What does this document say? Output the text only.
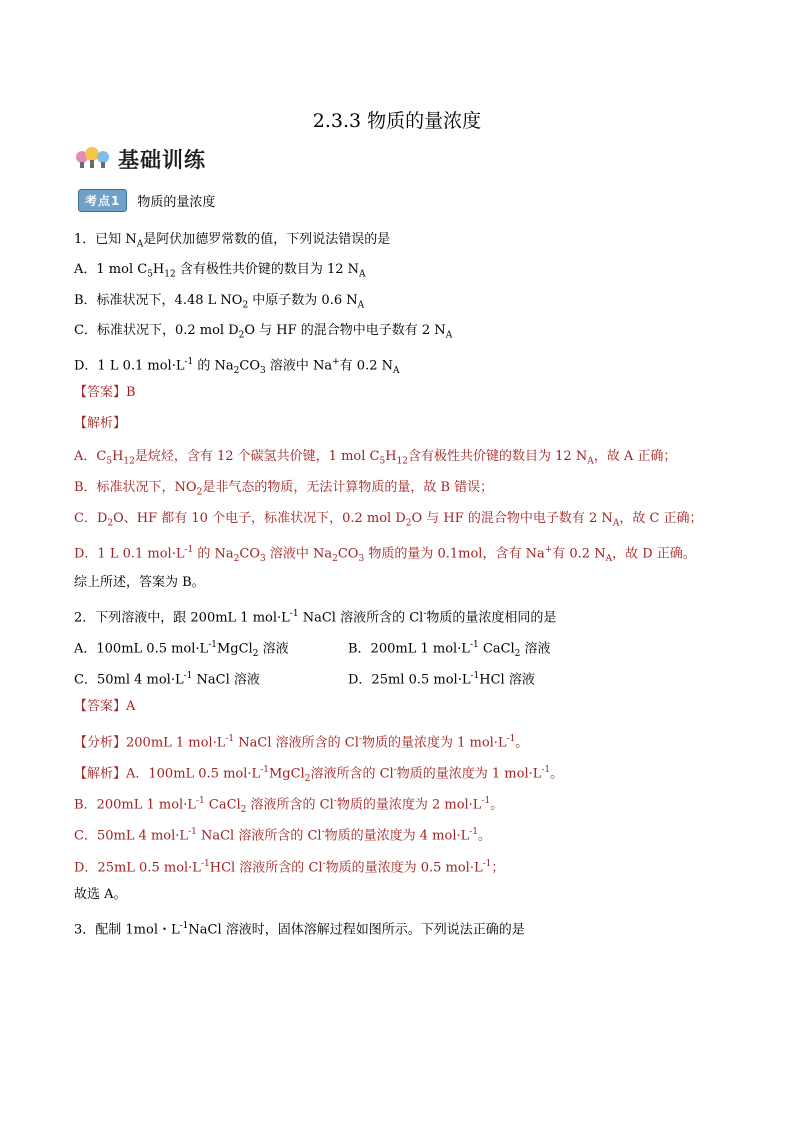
2.3.3 物质的量浓度
基础训练
考点1	物质的量浓度
1．已知 $N_A$是阿伏加德罗常数的值，下列说法错误的是
A．1 mol $C_5H_{12}$ 含有极性共价键的数目为 12 $N_A$
B．标准状况下，4.48 L $NO_2$ 中原子数为 0.6 $N_A$
C．标准状况下，0.2 mol $D_2O$ 与 HF 的混合物中电子数有 2 $N_A$
D．1 L 0.1 $mol\cdot L^{-1}$ 的 $Na_2CO_3$ 溶液中 Na+有 0.2 $N_A$
【答案】B
【解析】
A．$C_5H_{12}$是烷烃，含有 12 个碳氢共价键，1 mol $C_5H_{12}$含有极性共价键的数目为 12 $N_A$，故 A 正确；
B．标准状况下，$NO_2$是非气态的物质，无法计算物质的量，故 B 错误；
C．$D_2O$、HF 都有 10 个电子，标准状况下，0.2 mol $D_2O$ 与 HF 的混合物中电子数有 2 $N_A$，故 C 正确；
D．1 L 0.1 $mol\cdot L^{-1}$ 的 $Na_2CO_3$ 溶液中 $Na_2CO_3$ 物质的量为 0.1mol，含有 Na+有 0.2 $N_A$，故 D 正确。
综上所述，答案为 B。
2．下列溶液中，跟 200mL 1 $mol\cdot L^{-1}$ NaCl 溶液所含的 Cl-物质的量浓度相同的是
A．100mL 0.5 $mol\cdot L^{-1}MgCl_2$ 溶液	B．200mL 1 $mol\cdot L^{-1}$ CaCl$_2$ 溶液
C．50ml 4 $mol\cdot L^{-1}$ NaCl 溶液	D．25ml 0.5 $mol\cdot L^{-1}HCl$ 溶液
【答案】A
【分析】200mL 1 $mol\cdot L^{-1}$ NaCl 溶液所含的 Cl-物质的量浓度为 1 $mol\cdot L^{-1}$。
【解析】A．100mL 0.5 $mol\cdot L^{-1}MgCl_2$溶液所含的 Cl-物质的量浓度为 1 $mol\cdot L^{-1}$。
B．200mL 1 $mol\cdot L^{-1}$ CaCl$_2$ 溶液所含的 Cl-物质的量浓度为 2 $mol\cdot L^{-1}$。
C．50mL 4 $mol\cdot L^{-1}$ NaCl 溶液所含的 Cl-物质的量浓度为 4 $mol\cdot L^{-1}$。
D．25mL 0.5 $mol\cdot L^{-1}HCl$ 溶液所含的 Cl-物质的量浓度为 0.5 $mol\cdot L^{-1}$；
故选 A。
3．配制 1mol・$L^{-1}NaCl$ 溶液时，固体溶解过程如图所示。下列说法正确的是
